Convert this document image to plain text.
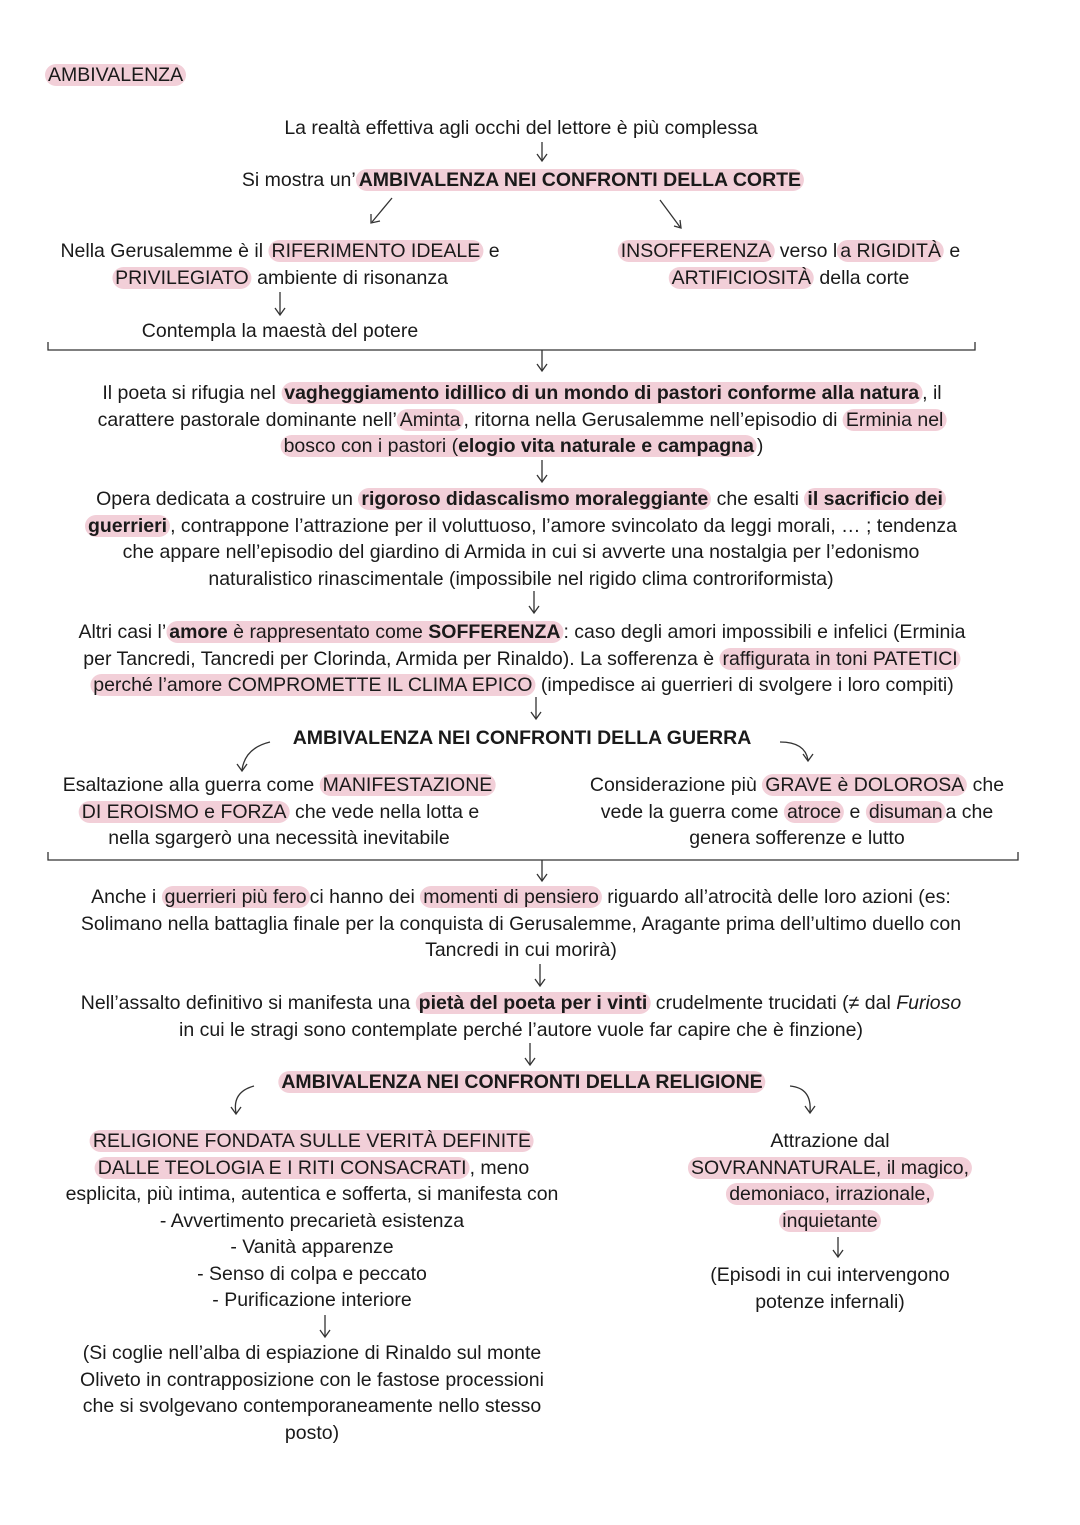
AMBIVALENZA
La realtà effettiva agli occhi del lettore è più complessa
Si mostra un’ AMBIVALENZA NEI CONFRONTI DELLA CORTE
Nella Gerusalemme è il RIFERIMENTO IDEALE e
PRIVILEGIATO ambiente di risonanza
Contempla la maestà del potere
INSOFFERENZA verso l a RIGIDITÀ e
ARTIFICIOSITÀ della corte
Il poeta si rifugia nel vagheggiamento idillico di un mondo di pastori conforme alla natura , il
carattere pastorale dominante nell’ Aminta , ritorna nella Gerusalemme nell’episodio di Erminia nel
bosco con i pastori (elogio vita naturale e campagna )
Opera dedicata a costruire un rigoroso didascalismo moraleggiante che esalti il sacrificio dei
guerrieri , contrappone l’attrazione per il voluttuoso, l’amore svincolato da leggi morali, … ; tendenza
che appare nell’episodio del giardino di Armida in cui si avverte una nostalgia per l’edonismo
naturalistico rinascimentale (impossibile nel rigido clima controriformista)
Altri casi l’ amore è rappresentato come SOFFERENZA : caso degli amori impossibili e infelici (Erminia
per Tancredi, Tancredi per Clorinda, Armida per Rinaldo). La sofferenza è raffigurata in toni PATETICI
perché l’amore COMPROMETTE IL CLIMA EPICO (impedisce ai guerrieri di svolgere i loro compiti)
AMBIVALENZA NEI CONFRONTI DELLA GUERRA
Esaltazione alla guerra come MANIFESTAZIONE
DI EROISMO e FORZA che vede nella lotta e
nella sgargerò una necessità inevitabile
Considerazione più GRAVE è DOLOROSA che
vede la guerra come atroce e disuman a che
genera sofferenze e lutto
Anche i guerrieri più fero ci hanno dei momenti di pensiero riguardo all’atrocità delle loro azioni (es:
Solimano nella battaglia finale per la conquista di Gerusalemme, Aragante prima dell’ultimo duello con
Tancredi in cui morirà)
Nell’assalto definitivo si manifesta una pietà del poeta per i vinti crudelmente trucidati (≠ dal Furioso
in cui le stragi sono contemplate perché l’autore vuole far capire che è finzione)
AMBIVALENZA NEI CONFRONTI DELLA RELIGIONE
RELIGIONE FONDATA SULLE VERITÀ DEFINITE
DALLE TEOLOGIA E I RITI CONSACRATI , meno
esplicita, più intima, autentica e sofferta, si manifesta con
- Avvertimento precarietà esistenza
- Vanità apparenze
- Senso di colpa e peccato
- Purificazione interiore
(Si coglie nell’alba di espiazione di Rinaldo sul monte
Oliveto in contrapposizione con le fastose processioni
che si svolgevano contemporaneamente nello stesso
posto)
Attrazione dal
SOVRANNATURALE, il magico,
demoniaco, irrazionale,
inquietante
(Episodi in cui intervengono
potenze infernali)
